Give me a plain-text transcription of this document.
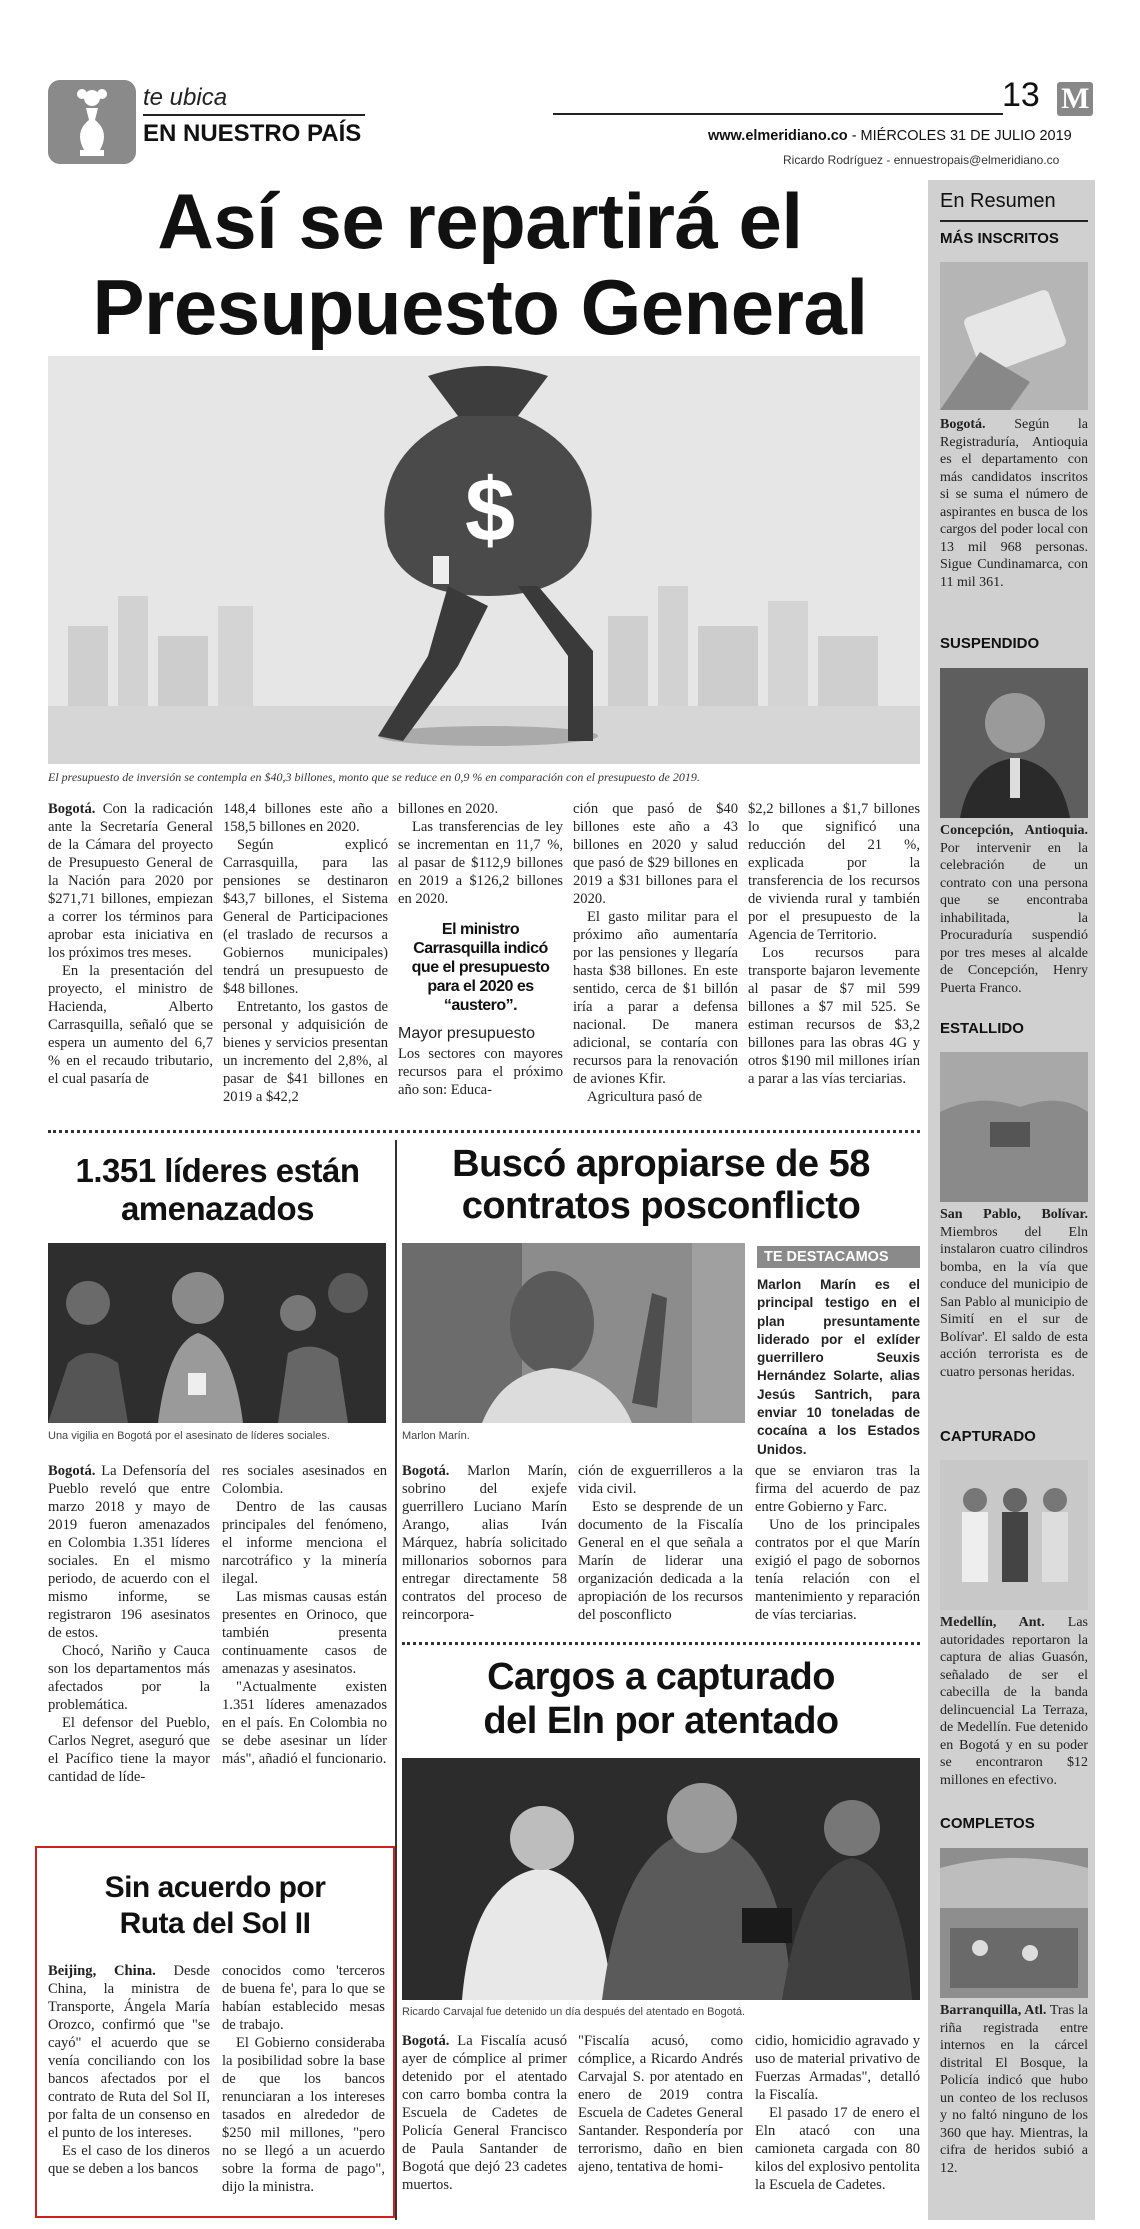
te ubica
EN NUESTRO PAÍS
13 M
www.elmeridiano.co - MIÉRCOLES 31 DE JULIO 2019
Ricardo Rodríguez - ennuestropais@elmeridiano.co
Así se repartirá el
Presupuesto General
$
El presupuesto de inversión se contempla en $40,3 billones, monto que se reduce en 0,9 % en comparación con el presupuesto de 2019.

Bogotá. Con la radicación ante la Secretaría General de la Cámara del proyecto de Presupuesto General de la Nación para 2020 por $271,71 billones, empiezan a correr los términos para aprobar esta iniciativa en los próximos tres meses.

En la presentación del proyecto, el ministro de Hacienda, Alberto Carrasquilla, señaló que se espera un aumento del 6,7 % en el recaudo tributario, el cual pasaría de

148,4 billones este año a 158,5 billones en 2020.

Según explicó Carrasquilla, para las pensiones se destinaron $43,7 billones, el Sistema General de Participaciones (el traslado de recursos a Gobiernos municipales) tendrá un presupuesto de $48 billones.

Entretanto, los gastos de personal y adquisición de bienes y servicios presentan un incremento del 2,8%, al pasar de $41 billones en 2019 a $42,2

billones en 2020.

Las transferencias de ley se incrementan en 11,7 %, al pasar de $112,9 billones en 2019 a $126,2 billones en 2020.

El ministro Carrasquilla indicó que el presupuesto para el 2020 es “austero”.
Mayor presupuesto

Los sectores con mayores recursos para el próximo año son: Educa-

ción que pasó de $40 billones este año a 43 billones en 2020 y salud que pasó de $29 billones en 2019 a $31 billones para el 2020.

El gasto militar para el próximo año aumentaría por las pensiones y llegaría hasta $38 billones. En este sentido, cerca de $1 billón iría a parar a defensa nacional. De manera adicional, se contaría con recursos para la renovación de aviones Kfir.

Agricultura pasó de

$2,2 billones a $1,7 billones lo que significó una reducción del 21 %, explicada por la transferencia de los recursos de vivienda rural y también por el presupuesto de la Agencia de Territorio.

Los recursos para transporte bajaron levemente al pasar de $7 mil 599 billones a $7 mil 525. Se estiman recursos de $3,2 billones para las obras 4G y otros $190 mil millones irían a parar a las vías terciarias.

1.351 líderes están
amenazados
Una vigilia en Bogotá por el asesinato de líderes sociales.

Bogotá. La Defensoría del Pueblo reveló que entre marzo 2018 y mayo de 2019 fueron amenazados en Colombia 1.351 líderes sociales. En el mismo periodo, de acuerdo con el mismo informe, se registraron 196 asesinatos de estos.

Chocó, Nariño y Cauca son los departamentos más afectados por la problemática.

El defensor del Pueblo, Carlos Negret, aseguró que el Pacífico tiene la mayor cantidad de líde-

res sociales asesinados en Colombia.

Dentro de las causas principales del fenómeno, el informe menciona el narcotráfico y la minería ilegal.

Las mismas causas están presentes en Orinoco, que también presenta continuamente casos de amenazas y asesinatos.

"Actualmente existen 1.351 líderes amenazados en el país. En Colombia no se debe asesinar un líder más", añadió el funcionario.

Sin acuerdo por
Ruta del Sol II

Beijing, China. Desde China, la ministra de Transporte, Ángela María Orozco, confirmó que "se cayó" el acuerdo que se venía conciliando con los bancos afectados por el contrato de Ruta del Sol II, por falta de un consenso en el punto de los intereses.

Es el caso de los dineros que se deben a los bancos

conocidos como 'terceros de buena fe', para lo que se habían establecido mesas de trabajo.

El Gobierno consideraba la posibilidad sobre la base de que los bancos renunciaran a los intereses tasados en alrededor de $250 mil millones, "pero no se llegó a un acuerdo sobre la forma de pago", dijo la ministra.

Buscó apropiarse de 58
contratos posconflicto
Marlon Marín.
TE DESTACAMOS
Marlon Marín es el principal testigo en el plan presuntamente liderado por el exlíder guerrillero Seuxis Hernández Solarte, alias Jesús Santrich, para enviar 10 toneladas de cocaína a los Estados Unidos.

Bogotá. Marlon Marín, sobrino del exjefe guerrillero Luciano Marín Arango, alias Iván Márquez, habría solicitado millonarios sobornos para entregar directamente 58 contratos del proceso de reincorpora-

ción de exguerrilleros a la vida civil.

Esto se desprende de un documento de la Fiscalía General en el que señala a Marín de liderar una organización dedicada a la apropiación de los recursos del posconflicto

que se enviaron tras la firma del acuerdo de paz entre Gobierno y Farc.

Uno de los principales contratos por el que Marín exigió el pago de sobornos tenía relación con el mantenimiento y reparación de vías terciarias.

Cargos a capturado
del Eln por atentado
Ricardo Carvajal fue detenido un día después del atentado en Bogotá.

Bogotá. La Fiscalía acusó ayer de cómplice al primer detenido por el atentado con carro bomba contra la Escuela de Cadetes de Policía General Francisco de Paula Santander de Bogotá que dejó 23 cadetes muertos.

"Fiscalía acusó, como cómplice, a Ricardo Andrés Carvajal S. por atentado en enero de 2019 contra Escuela de Cadetes General Santander. Respondería por terrorismo, daño en bien ajeno, tentativa de homi-

cidio, homicidio agravado y uso de material privativo de Fuerzas Armadas", detalló la Fiscalía.

El pasado 17 de enero el Eln atacó con una camioneta cargada con 80 kilos del explosivo pentolita la Escuela de Cadetes.

En Resumen
MÁS INSCRITOS
Bogotá. Según la Registraduría, Antioquia es el departamento con más candidatos inscritos si se suma el número de aspirantes en busca de los cargos del poder local con 13 mil 968 personas. Sigue Cundinamarca, con 11 mil 361.
SUSPENDIDO
Concepción, Antioquia. Por intervenir en la celebración de un contrato con una persona que se encontraba inhabilitada, la Procuraduría suspendió por tres meses al alcalde de Concepción, Henry Puerta Franco.
ESTALLIDO
San Pablo, Bolívar. Miembros del Eln instalaron cuatro cilindros bomba, en la vía que conduce del municipio de San Pablo al municipio de Simití en el sur de Bolívar'. El saldo de esta acción terrorista es de cuatro personas heridas.
CAPTURADO
Medellín, Ant. Las autoridades reportaron la captura de alias Guasón, señalado de ser el cabecilla de la banda delincuencial La Terraza, de Medellín. Fue detenido en Bogotá y en su poder se encontraron $12 millones en efectivo.
COMPLETOS
Barranquilla, Atl. Tras la riña registrada entre internos en la cárcel distrital El Bosque, la Policía indicó que hubo un conteo de los reclusos y no faltó ninguno de los 360 que hay. Mientras, la cifra de heridos subió a 12.
